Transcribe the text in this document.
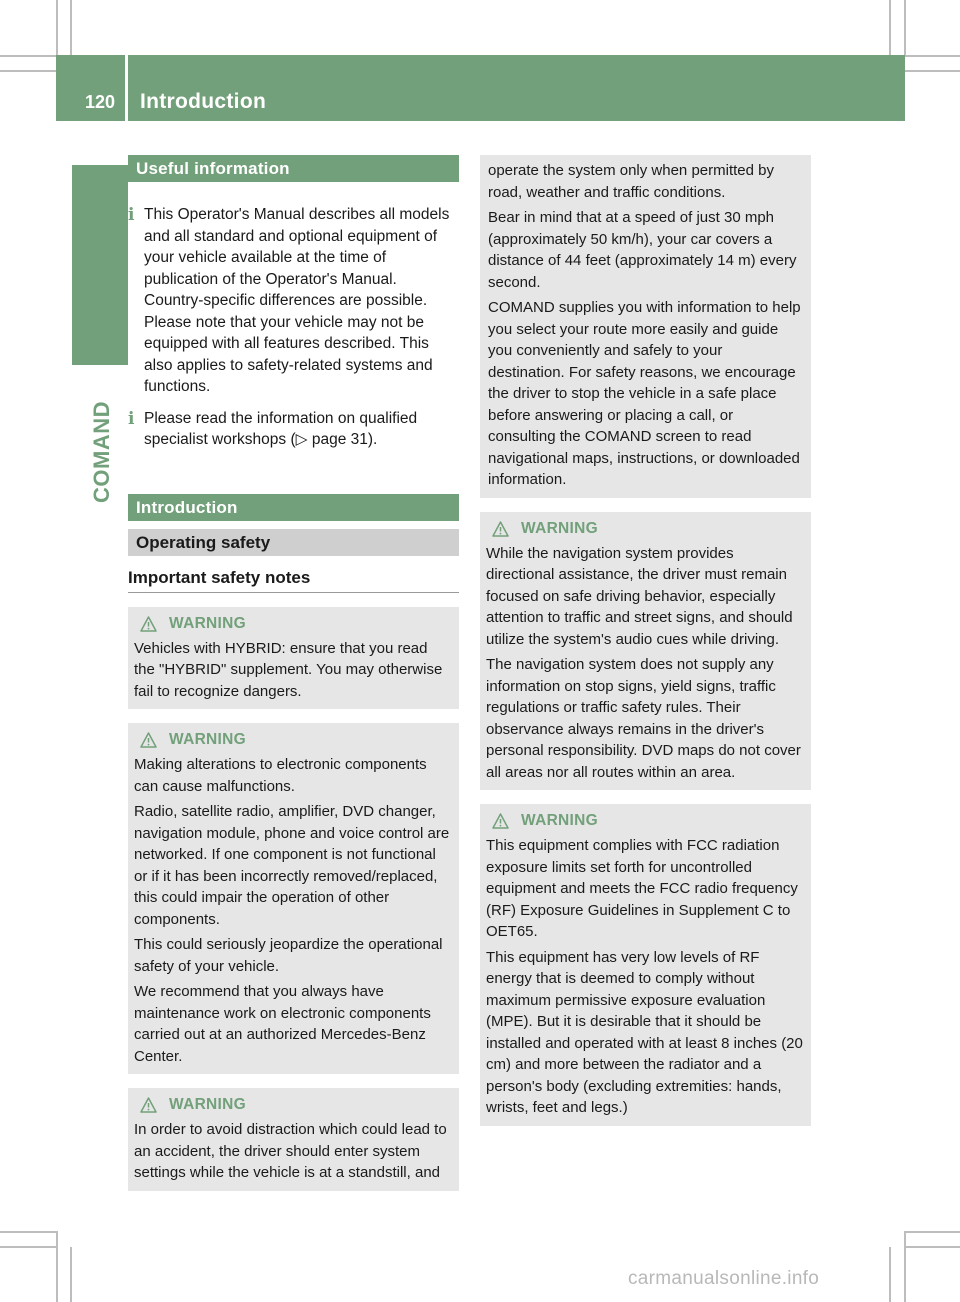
120 Introduction
COMAND
Useful information
i This Operator's Manual describes all models and all standard and optional equipment of your vehicle available at the time of publication of the Operator's Manual. Country-specific differences are possible. Please note that your vehicle may not be equipped with all features described. This also applies to safety-related systems and functions.
i Please read the information on qualified specialist workshops (▷ page 31).
Introduction
Operating safety
Important safety notes
WARNING

Vehicles with HYBRID: ensure that you read the "HYBRID" supplement. You may otherwise fail to recognize dangers.

WARNING

Making alterations to electronic components can cause malfunctions.

Radio, satellite radio, amplifier, DVD changer, navigation module, phone and voice control are networked. If one component is not functional or if it has been incorrectly removed/replaced, this could impair the operation of other components.

This could seriously jeopardize the operational safety of your vehicle.

We recommend that you always have maintenance work on electronic components carried out at an authorized Mercedes-Benz Center.

WARNING

In order to avoid distraction which could lead to an accident, the driver should enter system settings while the vehicle is at a standstill, and

operate the system only when permitted by road, weather and traffic conditions.

Bear in mind that at a speed of just 30 mph (approximately 50 km/h), your car covers a distance of 44 feet (approximately 14 m) every second.

COMAND supplies you with information to help you select your route more easily and guide you conveniently and safely to your destination. For safety reasons, we encourage the driver to stop the vehicle in a safe place before answering or placing a call, or consulting the COMAND screen to read navigational maps, instructions, or downloaded information.

WARNING

While the navigation system provides directional assistance, the driver must remain focused on safe driving behavior, especially attention to traffic and street signs, and should utilize the system's audio cues while driving.

The navigation system does not supply any information on stop signs, yield signs, traffic regulations or traffic safety rules. Their observance always remains in the driver's personal responsibility. DVD maps do not cover all areas nor all routes within an area.

WARNING

This equipment complies with FCC radiation exposure limits set forth for uncontrolled equipment and meets the FCC radio frequency (RF) Exposure Guidelines in Supplement C to OET65.

This equipment has very low levels of RF energy that is deemed to comply without maximum permissive exposure evaluation (MPE). But it is desirable that it should be installed and operated with at least 8 inches (20 cm) and more between the radiator and a person's body (excluding extremities: hands, wrists, feet and legs.)

carmanualsonline.info
